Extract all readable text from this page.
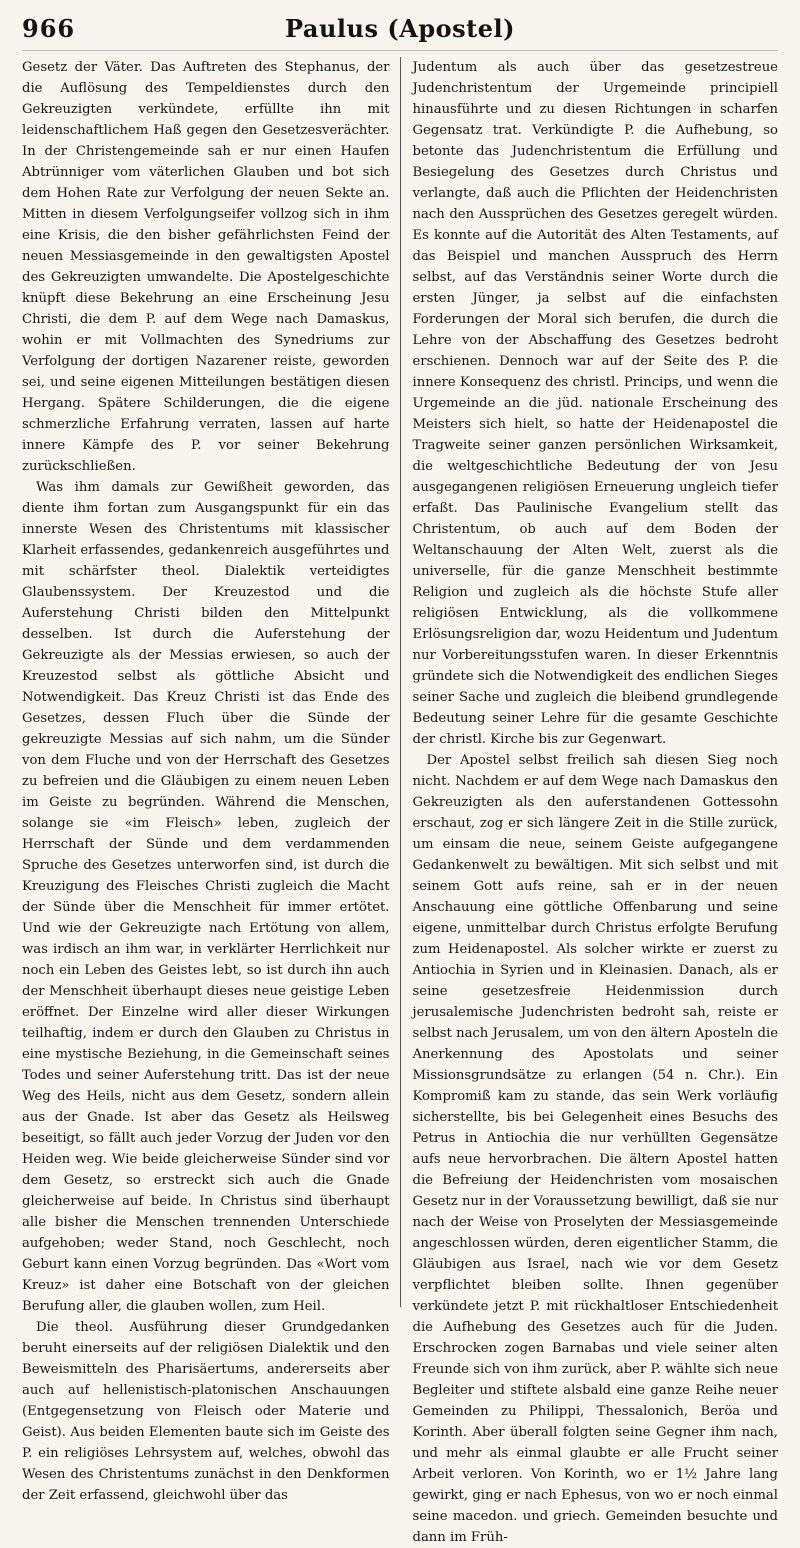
966	Paulus (Apostel)

Gesetz der Väter. Das Auftreten des Stephanus, der die Auflösung des Tempeldienstes durch den Gekreuzigten verkündete, erfüllte ihn mit leidenschaftlichem Haß gegen den Gesetzesverächter. In der Christengemeinde sah er nur einen Haufen Abtrünniger vom väterlichen Glauben und bot sich dem Hohen Rate zur Verfolgung der neuen Sekte an. Mitten in diesem Verfolgungseifer vollzog sich in ihm eine Krisis, die den bisher gefährlichsten Feind der neuen Messiasgemeinde in den gewaltigsten Apostel des Gekreuzigten umwandelte. Die Apostelgeschichte knüpft diese Bekehrung an eine Erscheinung Jesu Christi, die dem P. auf dem Wege nach Damaskus, wohin er mit Vollmachten des Synedriums zur Verfolgung der dortigen Nazarener reiste, geworden sei, und seine eigenen Mitteilungen bestätigen diesen Hergang. Spätere Schilderungen, die die eigene schmerzliche Erfahrung verraten, lassen auf harte innere Kämpfe des P. vor seiner Bekehrung zurückschließen.

Was ihm damals zur Gewißheit geworden, das diente ihm fortan zum Ausgangspunkt für ein das innerste Wesen des Christentums mit klassischer Klarheit erfassendes, gedankenreich ausgeführtes und mit schärfster theol. Dialektik verteidigtes Glaubenssystem. Der Kreuzestod und die Auferstehung Christi bilden den Mittelpunkt desselben. Ist durch die Auferstehung der Gekreuzigte als der Messias erwiesen, so auch der Kreuzestod selbst als göttliche Absicht und Notwendigkeit. Das Kreuz Christi ist das Ende des Gesetzes, dessen Fluch über die Sünde der gekreuzigte Messias auf sich nahm, um die Sünder von dem Fluche und von der Herrschaft des Gesetzes zu befreien und die Gläubigen zu einem neuen Leben im Geiste zu begründen. Während die Menschen, solange sie «im Fleisch» leben, zugleich der Herrschaft der Sünde und dem verdammenden Spruche des Gesetzes unterworfen sind, ist durch die Kreuzigung des Fleisches Christi zugleich die Macht der Sünde über die Menschheit für immer ertötet. Und wie der Gekreuzigte nach Ertötung von allem, was irdisch an ihm war, in verklärter Herrlichkeit nur noch ein Leben des Geistes lebt, so ist durch ihn auch der Menschheit überhaupt dieses neue geistige Leben eröffnet. Der Einzelne wird aller dieser Wirkungen teilhaftig, indem er durch den Glauben zu Christus in eine mystische Beziehung, in die Gemeinschaft seines Todes und seiner Auferstehung tritt. Das ist der neue Weg des Heils, nicht aus dem Gesetz, sondern allein aus der Gnade. Ist aber das Gesetz als Heilsweg beseitigt, so fällt auch jeder Vorzug der Juden vor den Heiden weg. Wie beide gleicherweise Sünder sind vor dem Gesetz, so erstreckt sich auch die Gnade gleicherweise auf beide. In Christus sind überhaupt alle bisher die Menschen trennenden Unterschiede aufgehoben; weder Stand, noch Geschlecht, noch Geburt kann einen Vorzug begründen. Das «Wort vom Kreuz» ist daher eine Botschaft von der gleichen Berufung aller, die glauben wollen, zum Heil.

Die theol. Ausführung dieser Grundgedanken beruht einerseits auf der religiösen Dialektik und den Beweismitteln des Pharisäertums, andererseits aber auch auf hellenistisch-platonischen Anschauungen (Entgegensetzung von Fleisch oder Materie und Geist). Aus beiden Elementen baute sich im Geiste des P. ein religiöses Lehrsystem auf, welches, obwohl das Wesen des Christentums zunächst in den Denkformen der Zeit erfassend, gleichwohl über das

Judentum als auch über das gesetzestreue Judenchristentum der Urgemeinde principiell hinausführte und zu diesen Richtungen in scharfen Gegensatz trat. Verkündigte P. die Aufhebung, so betonte das Judenchristentum die Erfüllung und Besiegelung des Gesetzes durch Christus und verlangte, daß auch die Pflichten der Heidenchristen nach den Aussprüchen des Gesetzes geregelt würden. Es konnte auf die Autorität des Alten Testaments, auf das Beispiel und manchen Ausspruch des Herrn selbst, auf das Verständnis seiner Worte durch die ersten Jünger, ja selbst auf die einfachsten Forderungen der Moral sich berufen, die durch die Lehre von der Abschaffung des Gesetzes bedroht erschienen. Dennoch war auf der Seite des P. die innere Konsequenz des christl. Princips, und wenn die Urgemeinde an die jüd. nationale Erscheinung des Meisters sich hielt, so hatte der Heidenapostel die Tragweite seiner ganzen persönlichen Wirksamkeit, die weltgeschichtliche Bedeutung der von Jesu ausgegangenen religiösen Erneuerung ungleich tiefer erfaßt. Das Paulinische Evangelium stellt das Christentum, ob auch auf dem Boden der Weltanschauung der Alten Welt, zuerst als die universelle, für die ganze Menschheit bestimmte Religion und zugleich als die höchste Stufe aller religiösen Entwicklung, als die vollkommene Erlösungsreligion dar, wozu Heidentum und Judentum nur Vorbereitungsstufen waren. In dieser Erkenntnis gründete sich die Notwendigkeit des endlichen Sieges seiner Sache und zugleich die bleibend grundlegende Bedeutung seiner Lehre für die gesamte Geschichte der christl. Kirche bis zur Gegenwart.

Der Apostel selbst freilich sah diesen Sieg noch nicht. Nachdem er auf dem Wege nach Damaskus den Gekreuzigten als den auferstandenen Gottessohn erschaut, zog er sich längere Zeit in die Stille zurück, um einsam die neue, seinem Geiste aufgegangene Gedankenwelt zu bewältigen. Mit sich selbst und mit seinem Gott aufs reine, sah er in der neuen Anschauung eine göttliche Offenbarung und seine eigene, unmittelbar durch Christus erfolgte Berufung zum Heidenapostel. Als solcher wirkte er zuerst zu Antiochia in Syrien und in Kleinasien. Danach, als er seine gesetzesfreie Heidenmission durch jerusalemische Judenchristen bedroht sah, reiste er selbst nach Jerusalem, um von den ältern Aposteln die Anerkennung des Apostolats und seiner Missionsgrundsätze zu erlangen (54 n. Chr.). Ein Kompromiß kam zu stande, das sein Werk vorläufig sicherstellte, bis bei Gelegenheit eines Besuchs des Petrus in Antiochia die nur verhüllten Gegensätze aufs neue hervorbrachen. Die ältern Apostel hatten die Befreiung der Heidenchristen vom mosaischen Gesetz nur in der Voraussetzung bewilligt, daß sie nur nach der Weise von Proselyten der Messiasgemeinde angeschlossen würden, deren eigentlicher Stamm, die Gläubigen aus Israel, nach wie vor dem Gesetz verpflichtet bleiben sollte. Ihnen gegenüber verkündete jetzt P. mit rückhaltloser Entschiedenheit die Aufhebung des Gesetzes auch für die Juden. Erschrocken zogen Barnabas und viele seiner alten Freunde sich von ihm zurück, aber P. wählte sich neue Begleiter und stiftete alsbald eine ganze Reihe neuer Gemeinden zu Philippi, Thessalonich, Beröa und Korinth. Aber überall folgten seine Gegner ihm nach, und mehr als einmal glaubte er alle Frucht seiner Arbeit verloren. Von Korinth, wo er 1½ Jahre lang gewirkt, ging er nach Ephesus, von wo er noch einmal seine macedon. und griech. Gemeinden besuchte und dann im Früh-
